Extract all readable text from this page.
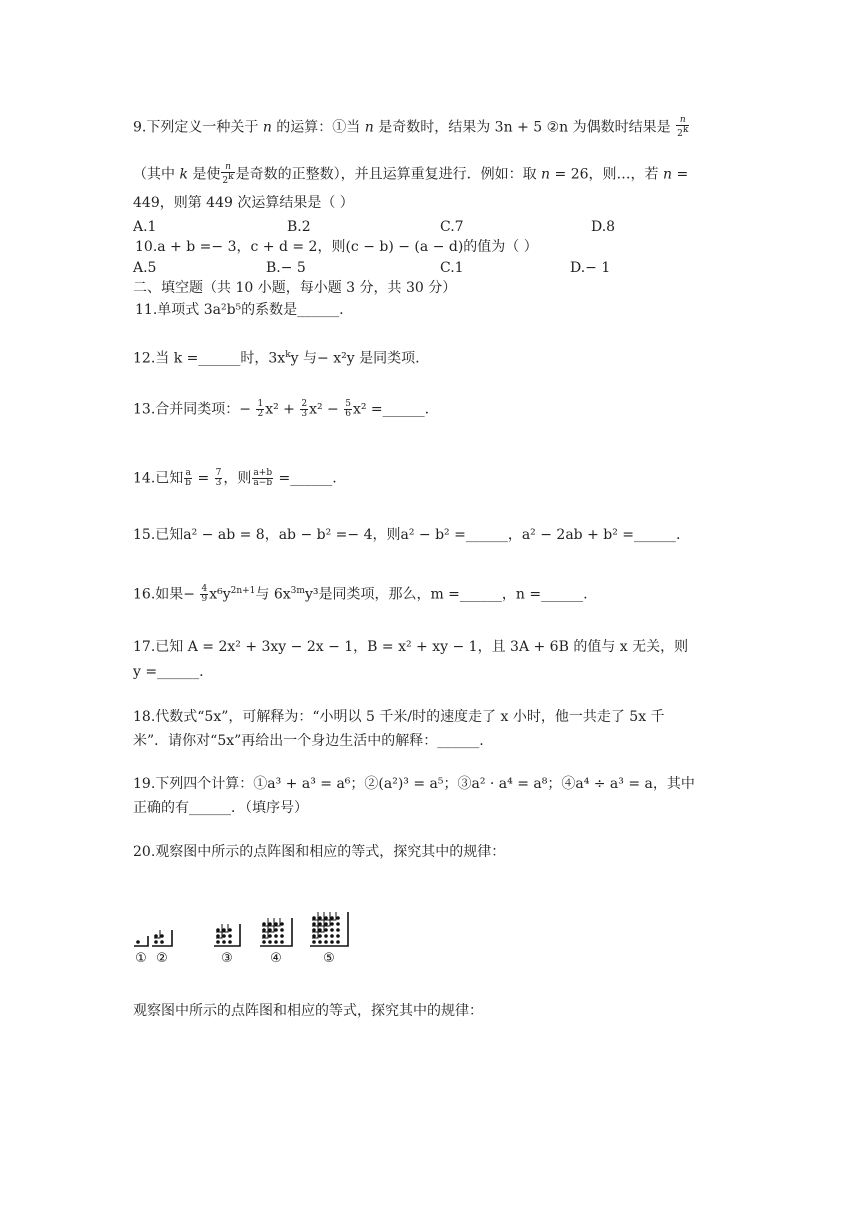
9.下列定义一种关于 n 的运算：①当 n 是奇数时，结果为 3n + 5 ②n 为偶数时结果是 $\frac{n}{2^k}$
（其中 k 是使 $\frac{n}{2^k}$ 是奇数的正整数），并且运算重复进行．例如：取 n = 26，则…，若 n =
449，则第 449 次运算结果是（ ）
A.1	B.2	C.7	D.8
10.a + b =− 3，c + d = 2，则(c − b) − (a − d)的值为（ ）
A.5	B.− 5	C.1	D.− 1
二、填空题（共 10 小题，每小题 3 分，共 30 分）
11.单项式 3a²b⁵的系数是______.
12.当 k =______时，$3x^ky$ 与− x²y 是同类项.
13.合并同类项：− $\frac{1}{2} x^2 + \frac{2}{3} x^2 - \frac{5}{6} x^2$ =______.
14.已知 $\frac{a}{b} = \frac{7}{3}$ ，则 $\frac{a+b}{a-b}$ =______.
15.已知a² − ab = 8，ab − b² =− 4，则a² − b² =______，a² − 2ab + b² =______.
16.如果− $\frac{4}{9} x^6y^{2n+1}$与 $6x^{3m}y^3$是同类项，那么，m =______，n =______.
17.已知 A = 2x² + 3xy − 2x − 1，B = x² + xy − 1，且 3A + 6B 的值与 x 无关，则
y =______.
18.代数式“5x”，可解释为：“小明以 5 千米/时的速度走了 x 小时，他一共走了 5x 千
米”．请你对“5x”再给出一个身边生活中的解释：______.
19.下列四个计算：①a³ + a³ = a⁶；②(a²)³ = a⁵；③a² · a⁴ = a⁸；④a⁴ ÷ a³ = a，其中
正确的有______．（填序号）
20.观察图中所示的点阵图和相应的等式，探究其中的规律：
① ②	③	④	⑤
观察图中所示的点阵图和相应的等式，探究其中的规律：
